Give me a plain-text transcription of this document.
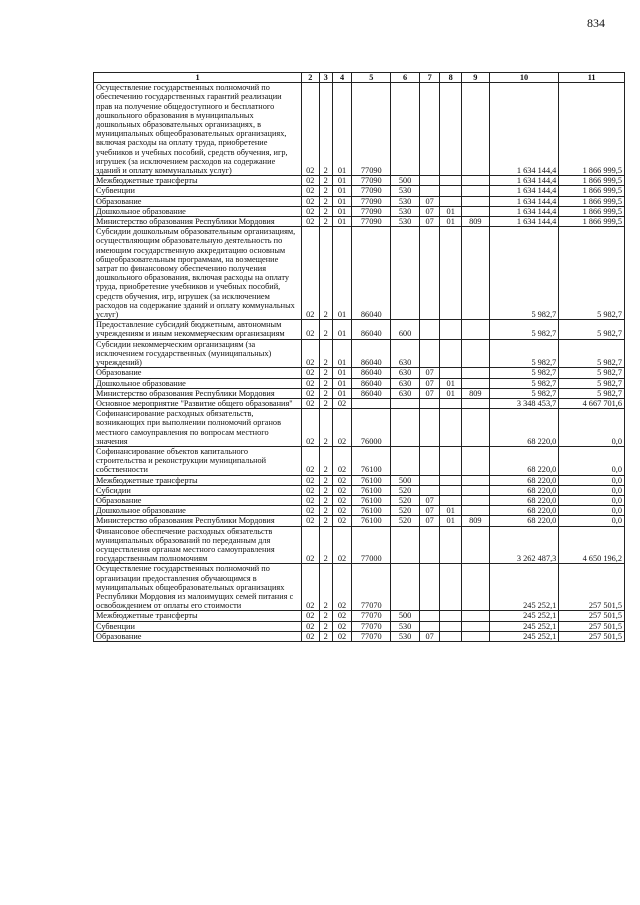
834
1	2	3	4	5	6	7	8	9	10	11
Осуществление государственных полномочий по обеспечению государственных гарантий реализации прав на получение общедоступного и бесплатного дошкольного образования в муниципальных дошкольных образовательных организациях, в муниципальных общеобразовательных организациях, включая расходы на оплату труда, приобретение учебников и учебных пособий, средств обучения, игр, игрушек (за исключением расходов на содержание зданий и оплату коммунальных услуг)	02	2	01	77090					1 634 144,4	1 866 999,5
Межбюджетные трансферты	02	2	01	77090	500				1 634 144,4	1 866 999,5
Субвенции	02	2	01	77090	530				1 634 144,4	1 866 999,5
Образование	02	2	01	77090	530	07			1 634 144,4	1 866 999,5
Дошкольное образование	02	2	01	77090	530	07	01		1 634 144,4	1 866 999,5
Министерство образования Республики Мордовия	02	2	01	77090	530	07	01	809	1 634 144,4	1 866 999,5
Субсидии дошкольным образовательным организациям, осуществляющим образовательную деятельность по имеющим государственную аккредитацию основным общеобразовательным программам, на возмещение затрат по финансовому обеспечению получения дошкольного образования, включая расходы на оплату труда, приобретение учебников и учебных пособий, средств обучения, игр, игрушек (за исключением расходов на содержание зданий и оплату коммунальных услуг)	02	2	01	86040					5 982,7	5 982,7
Предоставление субсидий бюджетным, автономным учреждениям и иным некоммерческим организациям	02	2	01	86040	600				5 982,7	5 982,7
Субсидии некоммерческим организациям (за исключением государственных (муниципальных) учреждений)	02	2	01	86040	630				5 982,7	5 982,7
Образование	02	2	01	86040	630	07			5 982,7	5 982,7
Дошкольное образование	02	2	01	86040	630	07	01		5 982,7	5 982,7
Министерство образования Республики Мордовия	02	2	01	86040	630	07	01	809	5 982,7	5 982,7
Основное мероприятие "Развитие общего образования"	02	2	02						3 348 453,7	4 667 701,6
Софинансирование расходных обязательств, возникающих при выполнении полномочий органов местного самоуправления по вопросам местного значения	02	2	02	76000					68 220,0	0,0
Софинансирование объектов капитального строительства и реконструкции муниципальной собственности	02	2	02	76100					68 220,0	0,0
Межбюджетные трансферты	02	2	02	76100	500				68 220,0	0,0
Субсидии	02	2	02	76100	520				68 220,0	0,0
Образование	02	2	02	76100	520	07			68 220,0	0,0
Дошкольное образование	02	2	02	76100	520	07	01		68 220,0	0,0
Министерство образования Республики Мордовия	02	2	02	76100	520	07	01	809	68 220,0	0,0
Финансовое обеспечение расходных обязательств муниципальных образований по переданным для осуществления органам местного самоуправления государственным полномочиям	02	2	02	77000					3 262 487,3	4 650 196,2
Осуществление государственных полномочий по организации предоставления обучающимся в муниципальных общеобразовательных организациях Республики Мордовия из малоимущих семей питания с освобождением от оплаты его стоимости	02	2	02	77070					245 252,1	257 501,5
Межбюджетные трансферты	02	2	02	77070	500				245 252,1	257 501,5
Субвенции	02	2	02	77070	530				245 252,1	257 501,5
Образование	02	2	02	77070	530	07			245 252,1	257 501,5
